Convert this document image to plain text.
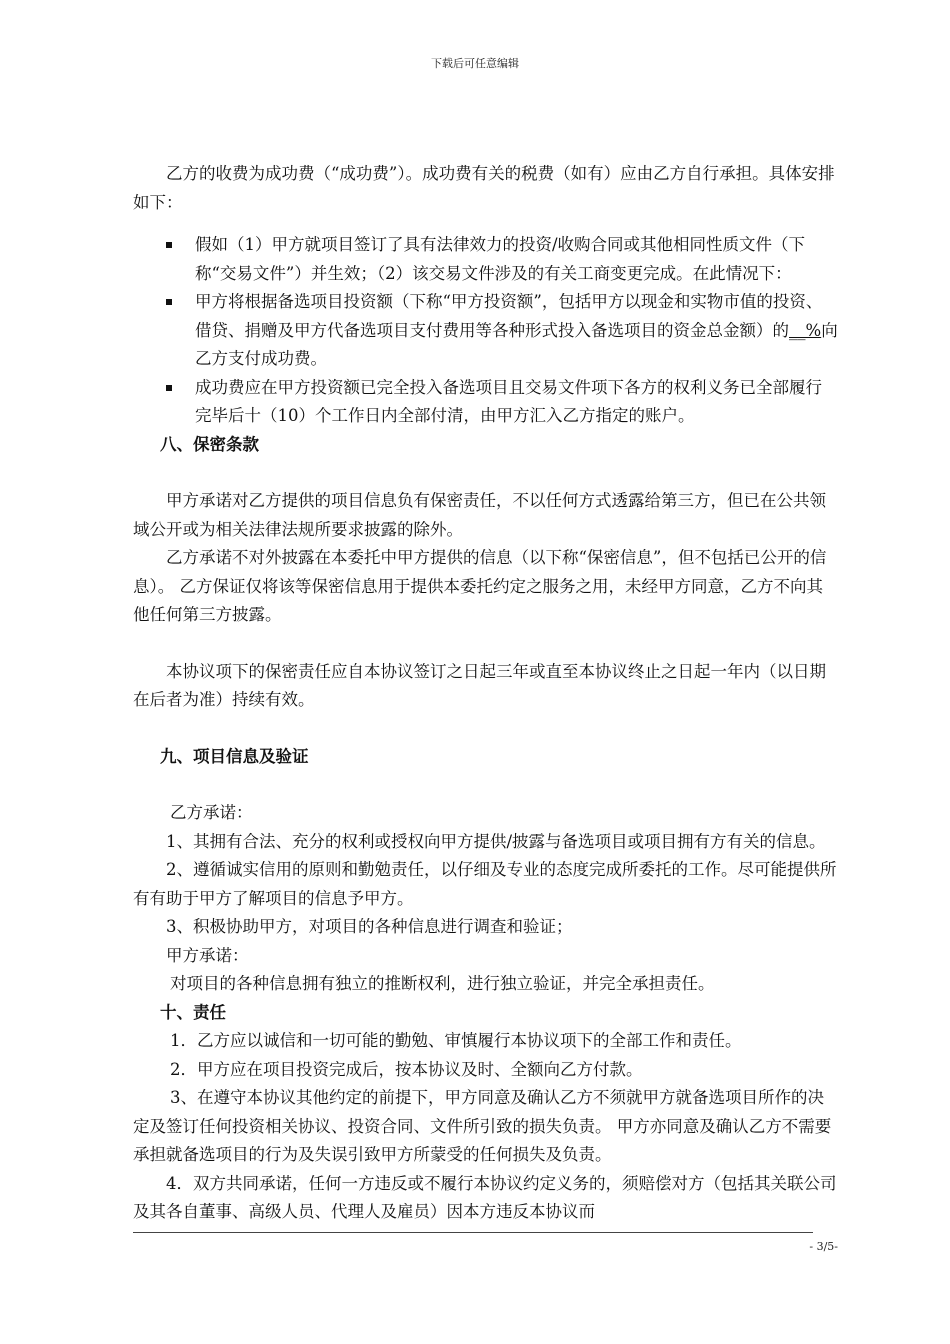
下载后可任意编辑

乙方的收费为成功费（“成功费”）。成功费有关的税费（如有）应由乙方自行承担。具体安排如下：

假如（1）甲方就项目签订了具有法律效力的投资/收购合同或其他相同性质文件（下称“交易文件”）并生效；（2）该交易文件涉及的有关工商变更完成。在此情况下：
甲方将根据备选项目投资额（下称“甲方投资额”，包括甲方以现金和实物市值的投资、借贷、捐赠及甲方代备选项目支付费用等各种形式投入备选项目的资金总金额）的__%向乙方支付成功费。
成功费应在甲方投资额已完全投入备选项目且交易文件项下各方的权利义务已全部履行完毕后十（10）个工作日内全部付清，由甲方汇入乙方指定的账户。
八、保密条款

甲方承诺对乙方提供的项目信息负有保密责任，不以任何方式透露给第三方，但已在公共领域公开或为相关法律法规所要求披露的除外。

乙方承诺不对外披露在本委托中甲方提供的信息（以下称“保密信息”，但不包括已公开的信息）。 乙方保证仅将该等保密信息用于提供本委托约定之服务之用，未经甲方同意，乙方不向其他任何第三方披露。

本协议项下的保密责任应自本协议签订之日起三年或直至本协议终止之日起一年内（以日期在后者为准）持续有效。

九、项目信息及验证

乙方承诺：

1、其拥有合法、充分的权利或授权向甲方提供/披露与备选项目或项目拥有方有关的信息。

2、遵循诚实信用的原则和勤勉责任，以仔细及专业的态度完成所委托的工作。尽可能提供所有有助于甲方了解项目的信息予甲方。

3、积极协助甲方，对项目的各种信息进行调查和验证；

甲方承诺：

对项目的各种信息拥有独立的推断权利，进行独立验证，并完全承担责任。

十、责任

1．乙方应以诚信和一切可能的勤勉、审慎履行本协议项下的全部工作和责任。

2．甲方应在项目投资完成后，按本协议及时、全额向乙方付款。

3、在遵守本协议其他约定的前提下，甲方同意及确认乙方不须就甲方就备选项目所作的决定及签订任何投资相关协议、投资合同、文件所引致的损失负责。 甲方亦同意及确认乙方不需要承担就备选项目的行为及失误引致甲方所蒙受的任何损失及负责。

4．双方共同承诺，任何一方违反或不履行本协议约定义务的，须赔偿对方（包括其关联公司及其各自董事、高级人员、代理人及雇员）因本方违反本协议而

- 3/5-
